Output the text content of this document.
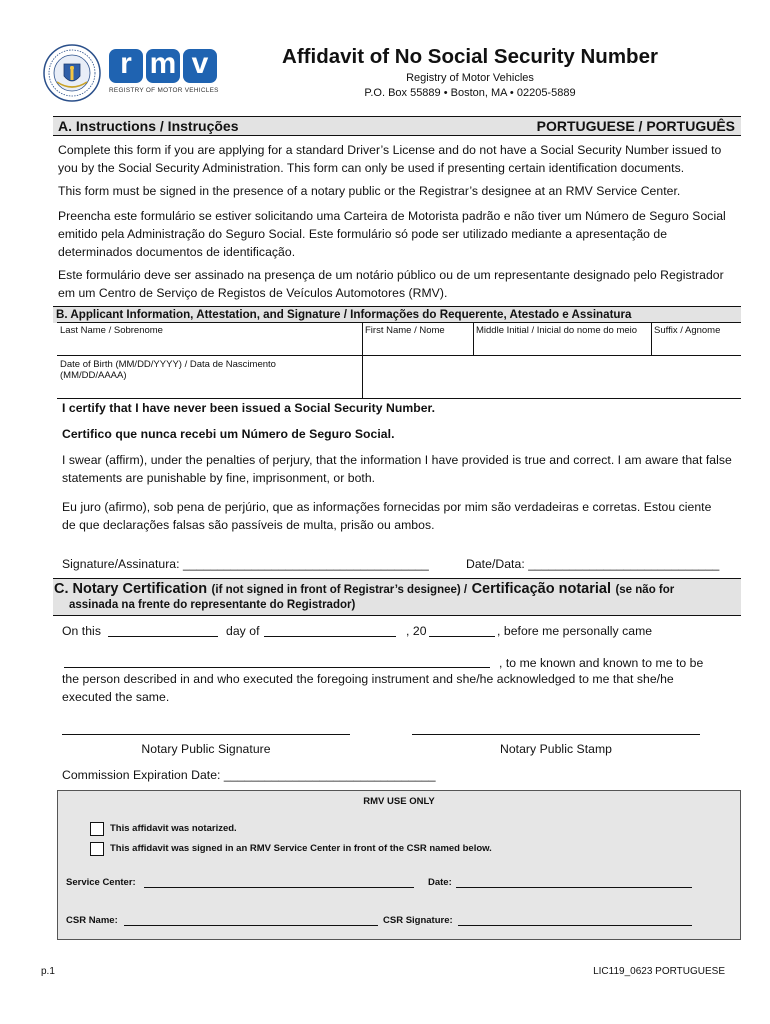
r m v
REGISTRY OF MOTOR VEHICLES
Affidavit of No Social Security Number
Registry of Motor Vehicles
P.O. Box 55889 • Boston, MA • 02205-5889
A. Instructions / Instruções	PORTUGUESE / PORTUGUÊS

Complete this form if you are applying for a standard Driver’s License and do not have a Social Security Number issued to you by the Social Security Administration. This form can only be used if presenting certain identification documents.

This form must be signed in the presence of a notary public or the Registrar’s designee at an RMV Service Center.

Preencha este formulário se estiver solicitando uma Carteira de Motorista padrão e não tiver um Número de Seguro Social emitido pela Administração do Seguro Social. Este formulário só pode ser utilizado mediante a apresentação de determinados documentos de identificação.

Este formulário deve ser assinado na presença de um notário público ou de um representante designado pelo Registrador em um Centro de Serviço de Registos de Veículos Automotores (RMV).

B. Applicant Information, Attestation, and Signature / Informações do Requerente, Atestado e Assinatura
Last Name / Sobrenome	First Name / Nome	Middle Initial / Inicial do nome do meio	Suffix / Agnome
Date of Birth (MM/DD/YYYY) / Data de Nascimento (MM/DD/AAAA)

I certify that I have never been issued a Social Security Number.

Certifico que nunca recebi um Número de Seguro Social.

I swear (affirm), under the penalties of perjury, that the information I have provided is true and correct. I am aware that false statements are punishable by fine, imprisonment, or both.

Eu juro (afirmo), sob pena de perjúrio, que as informações fornecidas por mim são verdadeiras e corretas. Estou ciente de que declarações falsas são passíveis de multa, prisão ou ambos.

Signature/Assinatura: ____________________________________	Date/Data: ____________________________
C. Notary Certification (if not signed in front of Registrar’s designee) / Certificação notarial (se não for
assinada na frente do representante do Registrador)
On this	day of	, 20	, before me personally came
, to me known and known to me to be

the person described in and who executed the foregoing instrument and she/he acknowledged to me that she/he executed the same.

Notary Public Signature	Notary Public Stamp
Commission Expiration Date: _______________________________
RMV USE ONLY
This affidavit was notarized.
This affidavit was signed in an RMV Service Center in front of the CSR named below.
Service Center:	Date:
CSR Name:	CSR Signature:
p.1	LIC119_0623 PORTUGUESE
